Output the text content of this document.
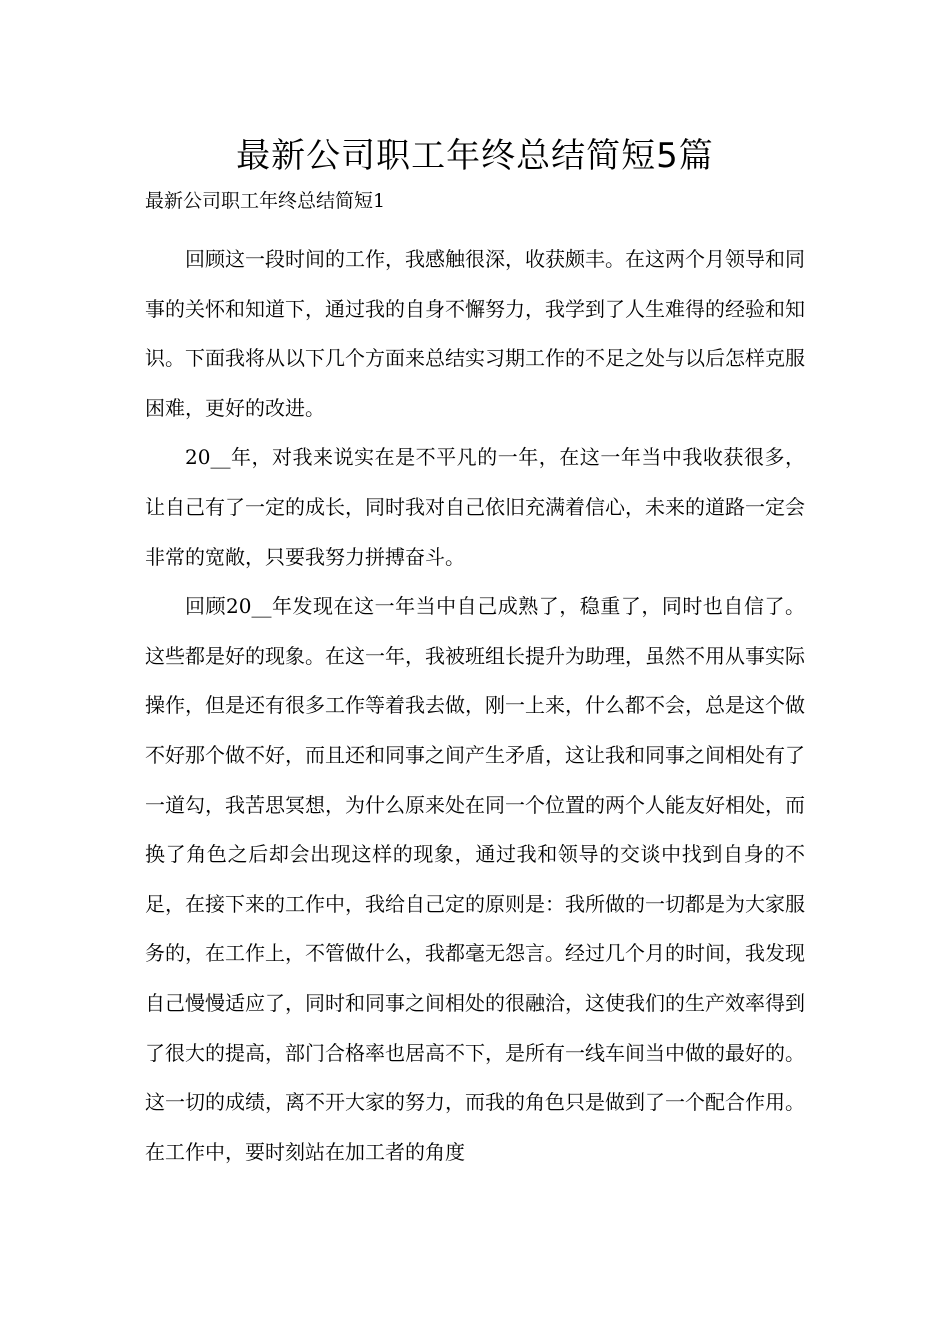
最新公司职工年终总结简短5篇
最新公司职工年终总结简短1

回顾这一段时间的工作，我感触很深，收获颇丰。在这两个月领导和同事的关怀和知道下，通过我的自身不懈努力，我学到了人生难得的经验和知识。下面我将从以下几个方面来总结实习期工作的不足之处与以后怎样克服困难，更好的改进。

20__年，对我来说实在是不平凡的一年，在这一年当中我收获很多，让自己有了一定的成长，同时我对自己依旧充满着信心，未来的道路一定会非常的宽敞，只要我努力拼搏奋斗。

回顾20__年发现在这一年当中自己成熟了，稳重了，同时也自信了。这些都是好的现象。在这一年，我被班组长提升为助理，虽然不用从事实际操作，但是还有很多工作等着我去做，刚一上来，什么都不会，总是这个做不好那个做不好，而且还和同事之间产生矛盾，这让我和同事之间相处有了一道勾，我苦思冥想，为什么原来处在同一个位置的两个人能友好相处，而换了角色之后却会出现这样的现象，通过我和领导的交谈中找到自身的不足，在接下来的工作中，我给自己定的原则是：我所做的一切都是为大家服务的，在工作上，不管做什么，我都毫无怨言。经过几个月的时间，我发现自己慢慢适应了，同时和同事之间相处的很融洽，这使我们的生产效率得到了很大的提高，部门合格率也居高不下，是所有一线车间当中做的最好的。这一切的成绩，离不开大家的努力，而我的角色只是做到了一个配合作用。在工作中，要时刻站在加工者的角度
